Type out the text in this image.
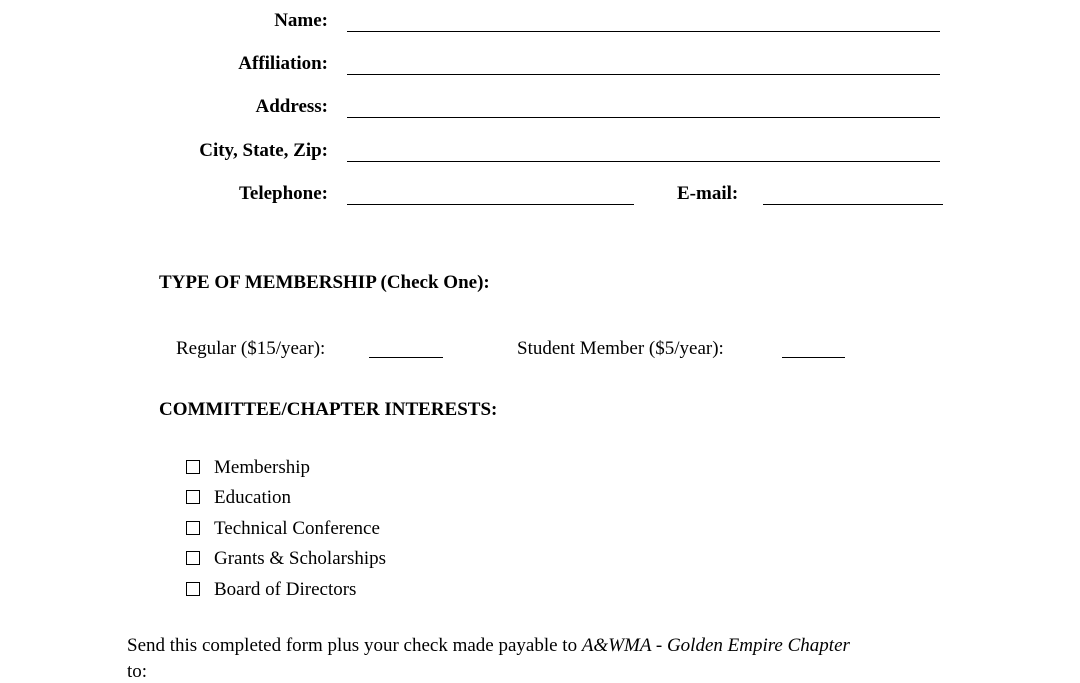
Name:
Affiliation:
Address:
City, State, Zip:
Telephone:	E-mail:
TYPE OF MEMBERSHIP (Check One):
Regular ($15/year):	Student Member ($5/year):
COMMITTEE/CHAPTER INTERESTS:
Membership
Education
Technical Conference
Grants & Scholarships
Board of Directors
Send this completed form plus your check made payable to A&WMA - Golden Empire Chapter
to:
